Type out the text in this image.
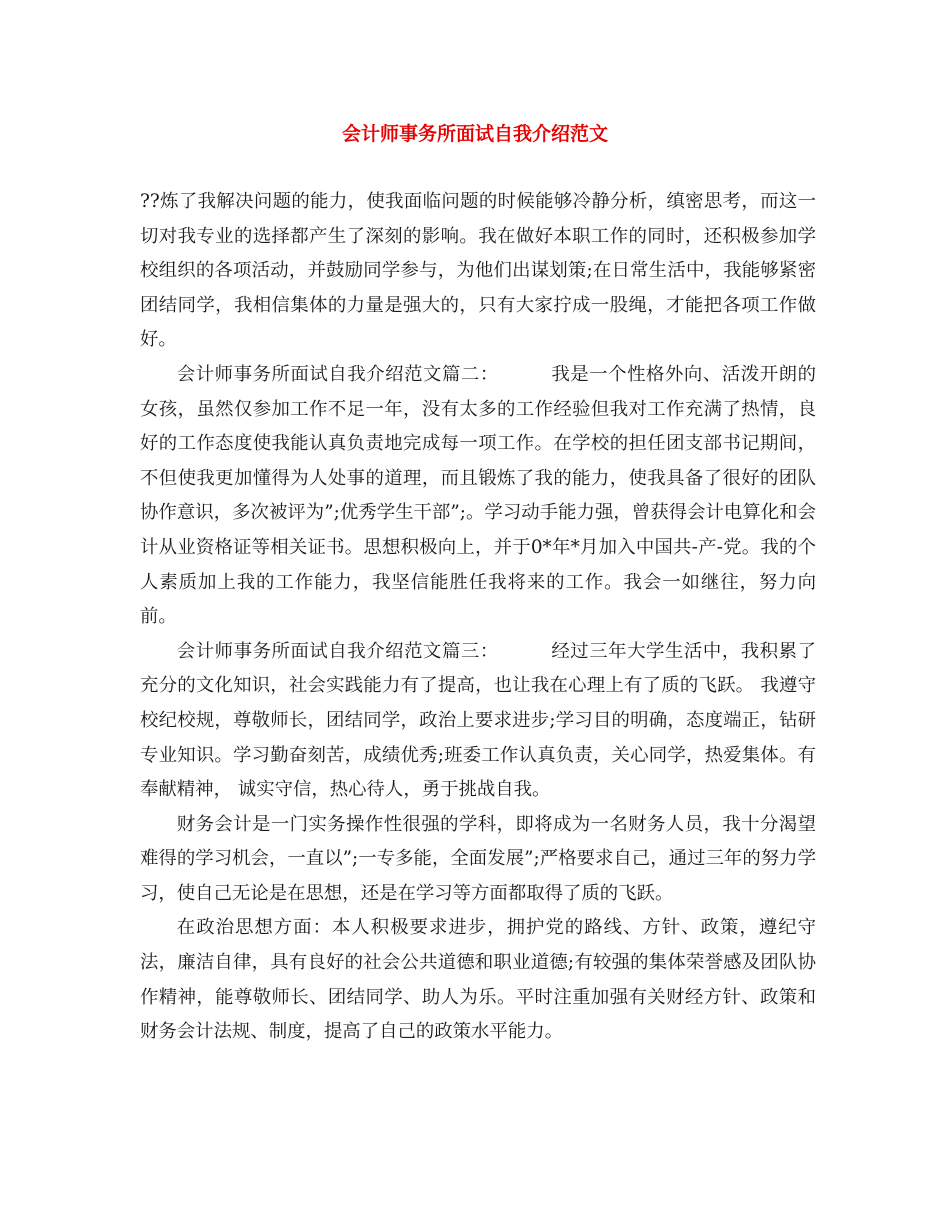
会计师事务所面试自我介绍范文

??炼了我解决问题的能力，使我面临问题的时候能够冷静分析，缜密思考，而这一切对我专业的选择都产生了深刻的影响。我在做好本职工作的同时，还积极参加学校组织的各项活动，并鼓励同学参与，为他们出谋划策;在日常生活中，我能够紧密团结同学，我相信集体的力量是强大的，只有大家拧成一股绳，才能把各项工作做好。

会计师事务所面试自我介绍范文篇二：	我是一个性格外向、活泼开朗的女孩，虽然仅参加工作不足一年，没有太多的工作经验但我对工作充满了热情，良好的工作态度使我能认真负责地完成每一项工作。在学校的担任团支部书记期间，不但使我更加懂得为人处事的道理，而且锻炼了我的能力，使我具备了很好的团队协作意识，多次被评为”;优秀学生干部”;。学习动手能力强，曾获得会计电算化和会计从业资格证等相关证书。思想积极向上，并于0*年*月加入中国共-产-党。我的个人素质加上我的工作能力，我坚信能胜任我将来的工作。我会一如继往，努力向前。

会计师事务所面试自我介绍范文篇三：	经过三年大学生活中，我积累了充分的文化知识，社会实践能力有了提高，也让我在心理上有了质的飞跃。 我遵守校纪校规，尊敬师长，团结同学，政治上要求进步;学习目的明确，态度端正，钻研专业知识。学习勤奋刻苦，成绩优秀;班委工作认真负责，关心同学，热爱集体。有奉献精神， 诚实守信，热心待人，勇于挑战自我。

财务会计是一门实务操作性很强的学科，即将成为一名财务人员，我十分渴望难得的学习机会，一直以”;一专多能，全面发展”;严格要求自己，通过三年的努力学习，使自己无论是在思想，还是在学习等方面都取得了质的飞跃。

在政治思想方面：本人积极要求进步，拥护党的路线、方针、政策，遵纪守法，廉洁自律，具有良好的社会公共道德和职业道德;有较强的集体荣誉感及团队协作精神，能尊敬师长、团结同学、助人为乐。平时注重加强有关财经方针、政策和财务会计法规、制度，提高了自己的政策水平能力。
